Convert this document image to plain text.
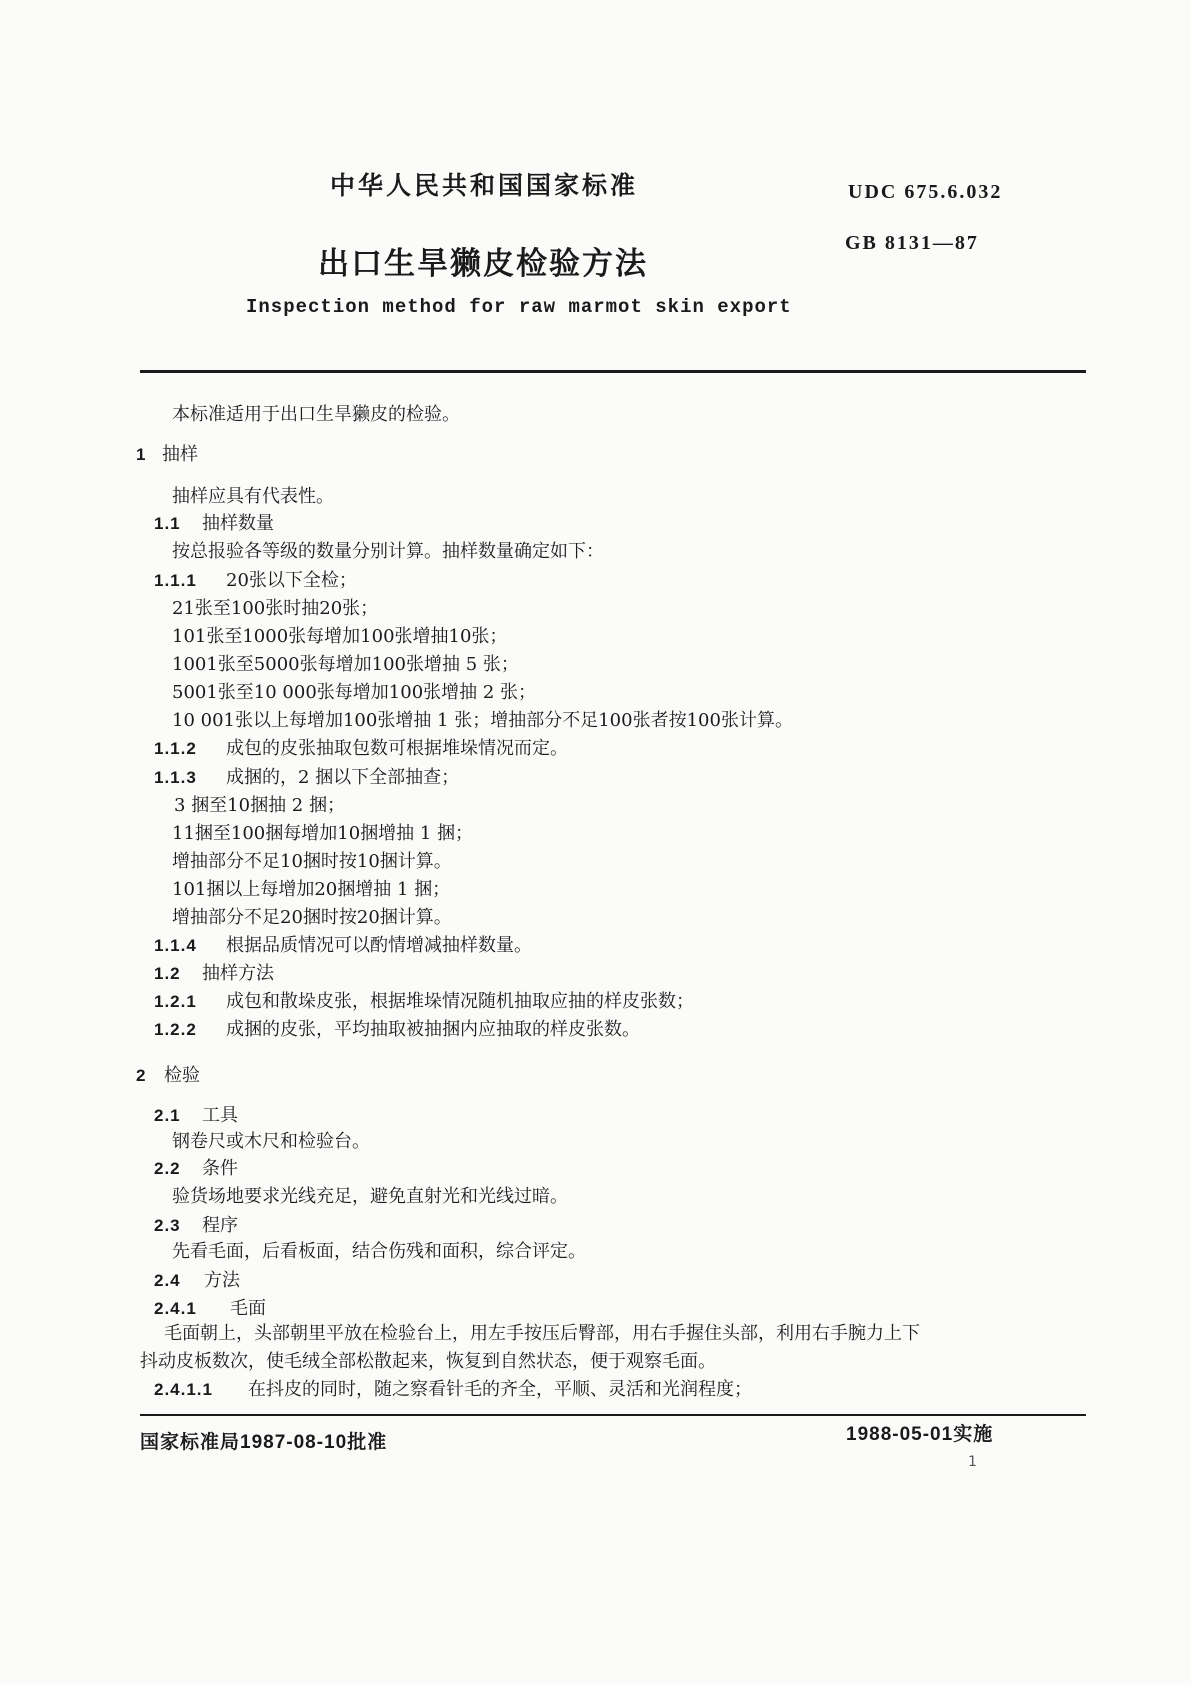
中华人民共和国国家标准	UDC 675.6.032
出口生旱獭皮检验方法
GB 8131—87
Inspection method for raw marmot skin export
本标准适用于出口生旱獭皮的检验。
1 抽样
抽样应具有代表性。
1.1 抽样数量
按总报验各等级的数量分别计算。抽样数量确定如下：
1.1.1 20张以下全检；
21张至100张时抽20张；
101张至1000张每增加100张增抽10张；
1001张至5000张每增加100张增抽 5 张；
5001张至10 000张每增加100张增抽 2 张；
10 001张以上每增加100张增抽 1 张；增抽部分不足100张者按100张计算。
1.1.2 成包的皮张抽取包数可根据堆垛情况而定。
1.1.3 成捆的，2 捆以下全部抽查；
3 捆至10捆抽 2 捆；
11捆至100捆每增加10捆增抽 1 捆；
增抽部分不足10捆时按10捆计算。
101捆以上每增加20捆增抽 1 捆；
增抽部分不足20捆时按20捆计算。
1.1.4 根据品质情况可以酌情增减抽样数量。
1.2 抽样方法
1.2.1 成包和散垛皮张，根据堆垛情况随机抽取应抽的样皮张数；
1.2.2 成捆的皮张，平均抽取被抽捆内应抽取的样皮张数。
2 检验
2.1 工具
钢卷尺或木尺和检验台。
2.2 条件
验货场地要求光线充足，避免直射光和光线过暗。
2.3 程序
先看毛面，后看板面，结合伤残和面积，综合评定。
2.4 方法
2.4.1 毛面
毛面朝上，头部朝里平放在检验台上，用左手按压后臀部，用右手握住头部，利用右手腕力上下
抖动皮板数次，使毛绒全部松散起来，恢复到自然状态，便于观察毛面。
2.4.1.1 在抖皮的同时，随之察看针毛的齐全，平顺、灵活和光润程度；
国家标准局1987-08-10批准	1988-05-01实施
1
